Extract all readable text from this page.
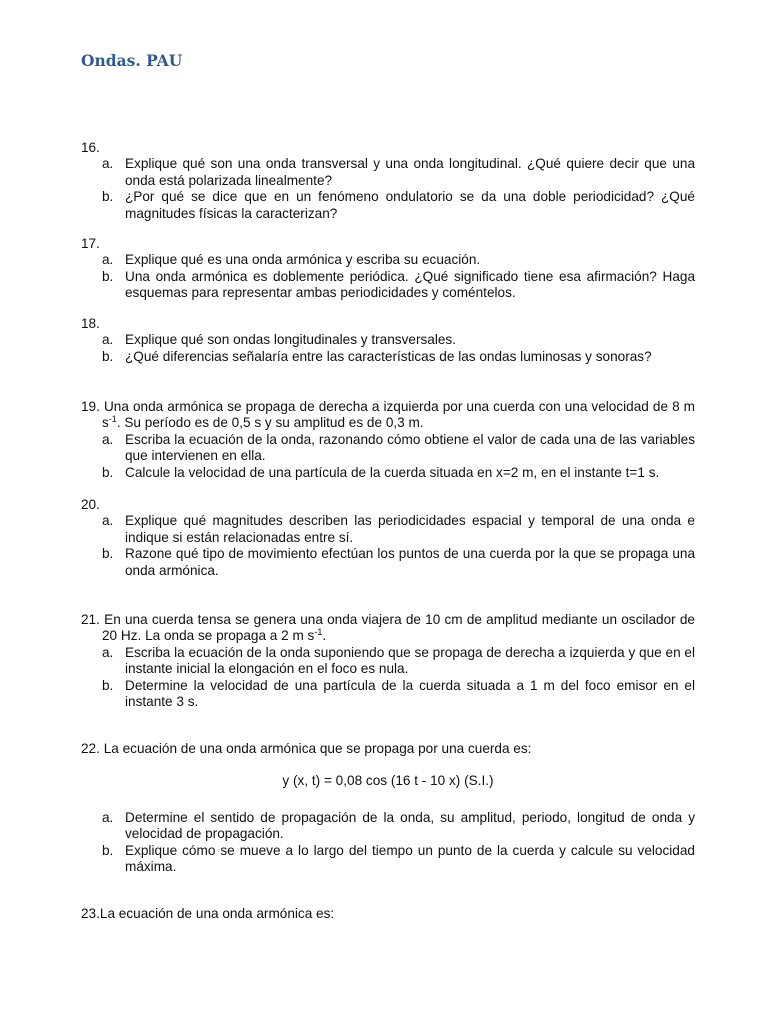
Ondas. PAU
16.
a. Explique qué son una onda transversal y una onda longitudinal. ¿Qué quiere decir que una onda está polarizada linealmente?
b. ¿Por qué se dice que en un fenómeno ondulatorio se da una doble periodicidad? ¿Qué magnitudes físicas la caracterizan?
17.
a. Explique qué es una onda armónica y escriba su ecuación.
b. Una onda armónica es doblemente periódica. ¿Qué significado tiene esa afirmación? Haga esquemas para representar ambas periodicidades y coméntelos.
18.
a. Explique qué son ondas longitudinales y transversales.
b. ¿Qué diferencias señalaría entre las características de las ondas luminosas y sonoras?
19. Una onda armónica se propaga de derecha a izquierda por una cuerda con una velocidad de 8 m $s^{-1}$. Su período es de 0,5 s y su amplitud es de 0,3 m.
a. Escriba la ecuación de la onda, razonando cómo obtiene el valor de cada una de las variables que intervienen en ella.
b. Calcule la velocidad de una partícula de la cuerda situada en x=2 m, en el instante t=1 s.
20.
a. Explique qué magnitudes describen las periodicidades espacial y temporal de una onda e indique si están relacionadas entre sí.
b. Razone qué tipo de movimiento efectúan los puntos de una cuerda por la que se propaga una onda armónica.
21. En una cuerda tensa se genera una onda viajera de 10 cm de amplitud mediante un oscilador de 20 Hz. La onda se propaga a 2 m $s^{-1}$.
a. Escriba la ecuación de la onda suponiendo que se propaga de derecha a izquierda y que en el instante inicial la elongación en el foco es nula.
b. Determine la velocidad de una partícula de la cuerda situada a 1 m del foco emisor en el instante 3 s.
22. La ecuación de una onda armónica que se propaga por una cuerda es:
y (x, t) = 0,08 cos (16 t - 10 x) (S.I.)
a. Determine el sentido de propagación de la onda, su amplitud, periodo, longitud de onda y velocidad de propagación.
b. Explique cómo se mueve a lo largo del tiempo un punto de la cuerda y calcule su velocidad máxima.
23.La ecuación de una onda armónica es:
